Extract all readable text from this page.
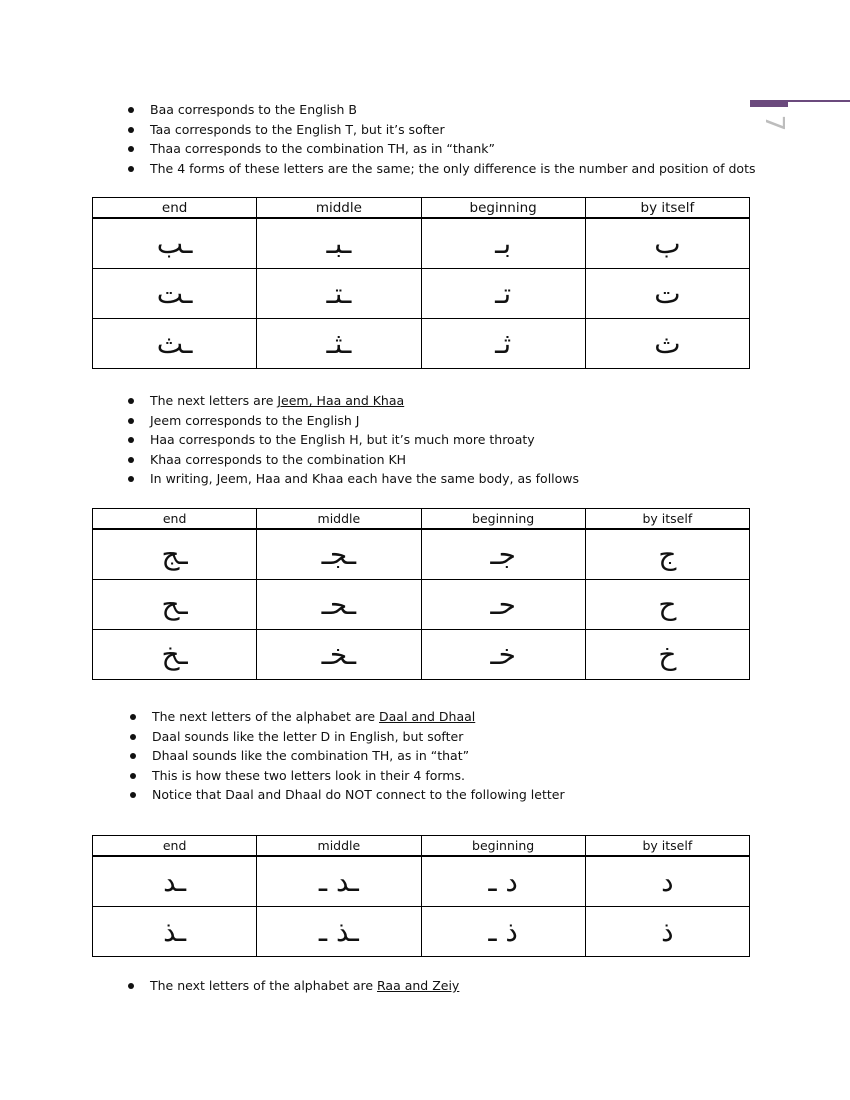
7
Baa corresponds to the English B
Taa corresponds to the English T, but it’s softer
Thaa corresponds to the combination TH, as in “thank”
The 4 forms of these letters are the same; the only difference is the number and position of dots
end	middle	beginning	by itself
ـب	ـبـ	بـ	ب
ـت	ـتـ	تـ	ت
ـث	ـثـ	ثـ	ث
The next letters are Jeem, Haa and Khaa
Jeem corresponds to the English J
Haa corresponds to the English H, but it’s much more throaty
Khaa corresponds to the combination KH
In writing, Jeem, Haa and Khaa each have the same body, as follows
end	middle	beginning	by itself
ـج	ـجـ	جـ	ج
ـح	ـحـ	حـ	ح
ـخ	ـخـ	خـ	خ
The next letters of the alphabet are Daal and Dhaal
Daal sounds like the letter D in English, but softer
Dhaal sounds like the combination TH, as in “that”
This is how these two letters look in their 4 forms.
Notice that Daal and Dhaal do NOT connect to the following letter
end	middle	beginning	by itself
ـد	ـد ـ	د ـ	د
ـذ	ـذ ـ	ذ ـ	ذ
The next letters of the alphabet are Raa and Zeiy
